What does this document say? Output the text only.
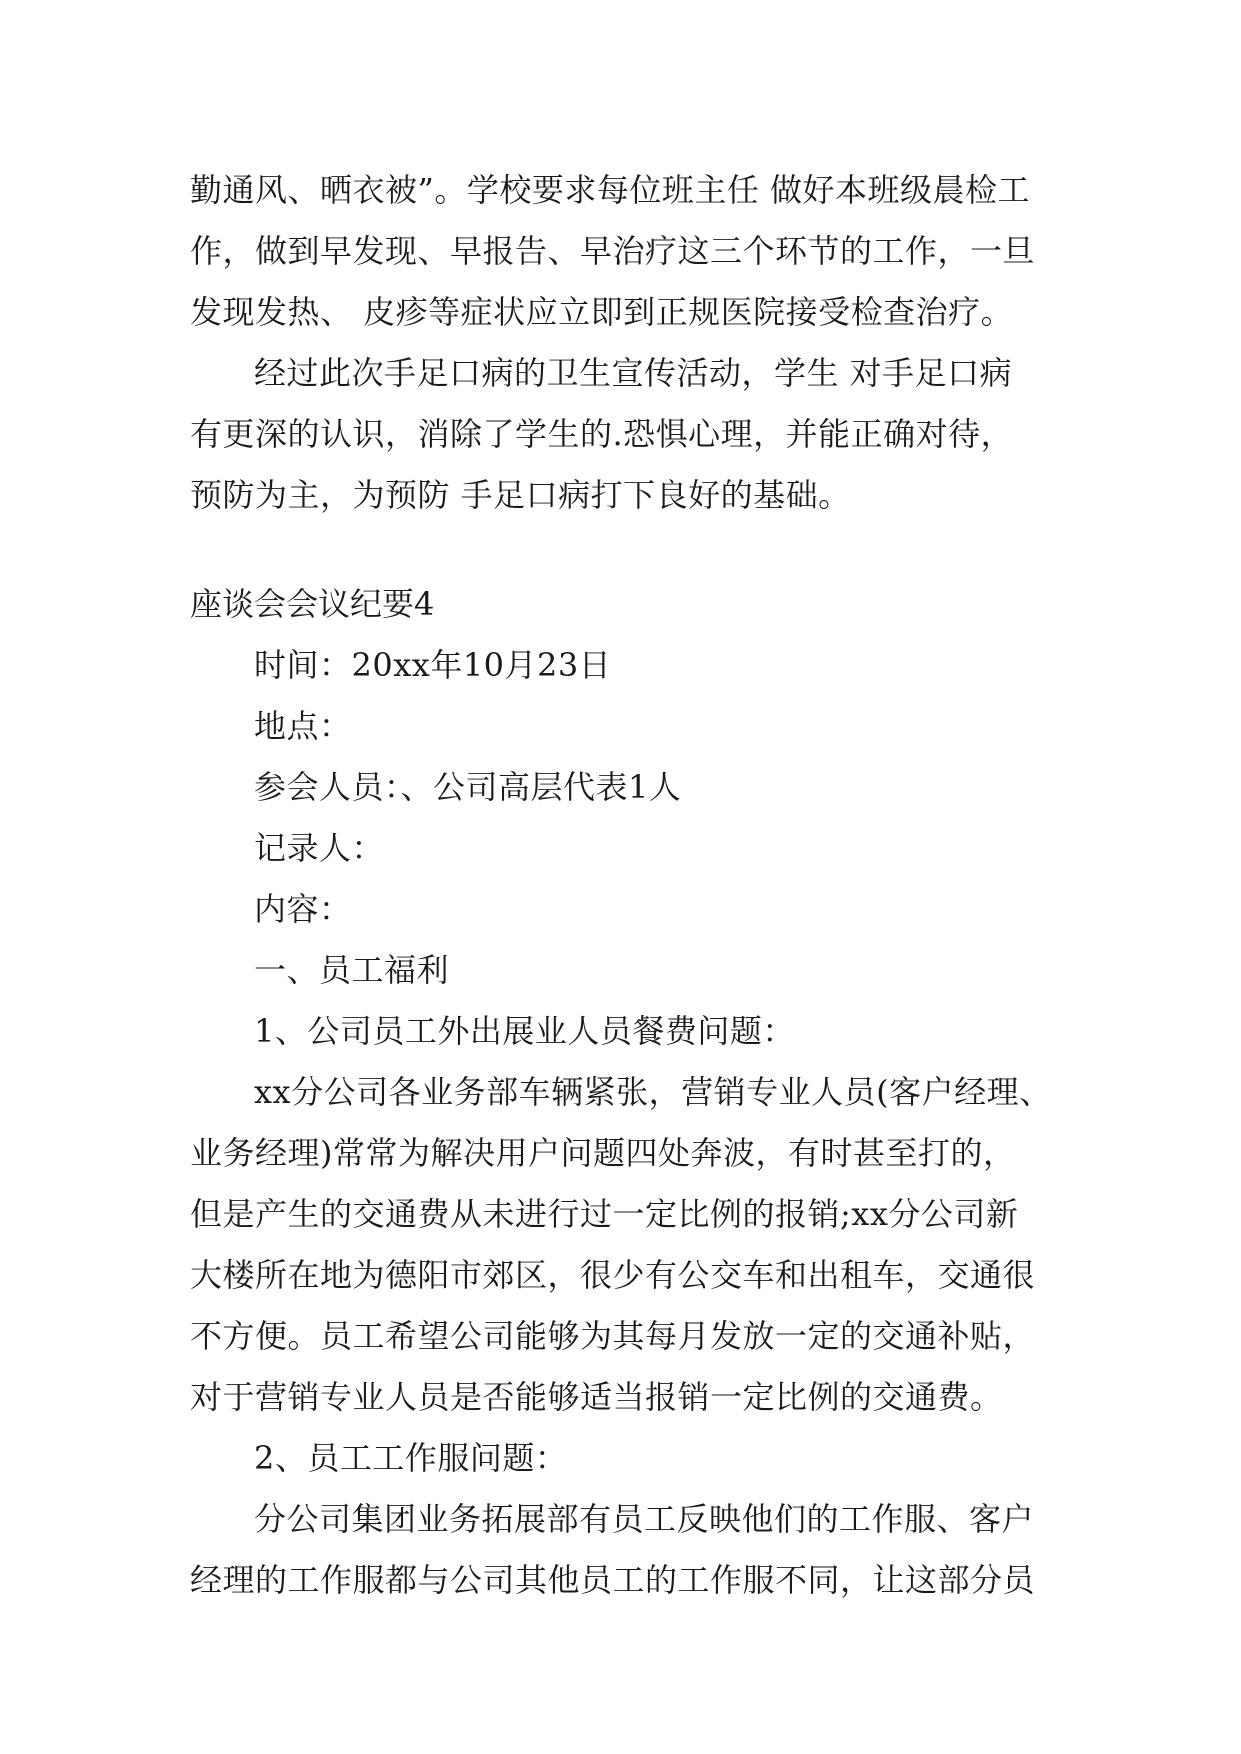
勤通风、晒衣被”。学校要求每位班主任 做好本班级晨检工
作，做到早发现、早报告、早治疗这三个环节的工作，一旦
发现发热、 皮疹等症状应立即到正规医院接受检查治疗。
经过此次手足口病的卫生宣传活动，学生 对手足口病
有更深的认识，消除了学生的.恐惧心理，并能正确对待，
预防为主，为预防 手足口病打下良好的基础。
座谈会会议纪要4
时间：20xx年10月23日
地点：
参会人员：、公司高层代表1人
记录人：
内容：
一、员工福利
1、公司员工外出展业人员餐费问题：
xx分公司各业务部车辆紧张，营销专业人员(客户经理、
业务经理)常常为解决用户问题四处奔波，有时甚至打的，
但是产生的交通费从未进行过一定比例的报销;xx分公司新
大楼所在地为德阳市郊区，很少有公交车和出租车，交通很
不方便。员工希望公司能够为其每月发放一定的交通补贴，
对于营销专业人员是否能够适当报销一定比例的交通费。
2、员工工作服问题：
分公司集团业务拓展部有员工反映他们的工作服、客户
经理的工作服都与公司其他员工的工作服不同，让这部分员
